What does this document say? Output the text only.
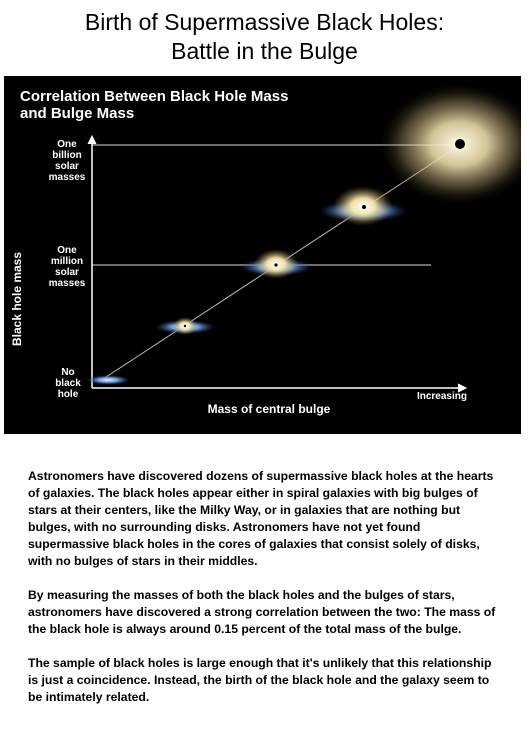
Birth of Supermassive Black Holes:
Battle in the Bulge
Correlation Between Black Hole Mass
and Bulge Mass
One
billion
solar
masses
One
million
solar
masses
No
black
hole
Black hole mass
Mass of central bulge
Increasing

Astronomers have discovered dozens of supermassive black holes at the hearts of galaxies. The black holes appear either in spiral galaxies with big bulges of stars at their centers, like the Milky Way, or in galaxies that are nothing but bulges, with no surrounding disks. Astronomers have not yet found supermassive black holes in the cores of galaxies that consist solely of disks, with no bulges of stars in their middles.

By measuring the masses of both the black holes and the bulges of stars, astronomers have discovered a strong correlation between the two: The mass of the black hole is always around 0.15 percent of the total mass of the bulge.

The sample of black holes is large enough that it's unlikely that this relationship is just a coincidence. Instead, the birth of the black hole and the galaxy seem to be intimately related.
